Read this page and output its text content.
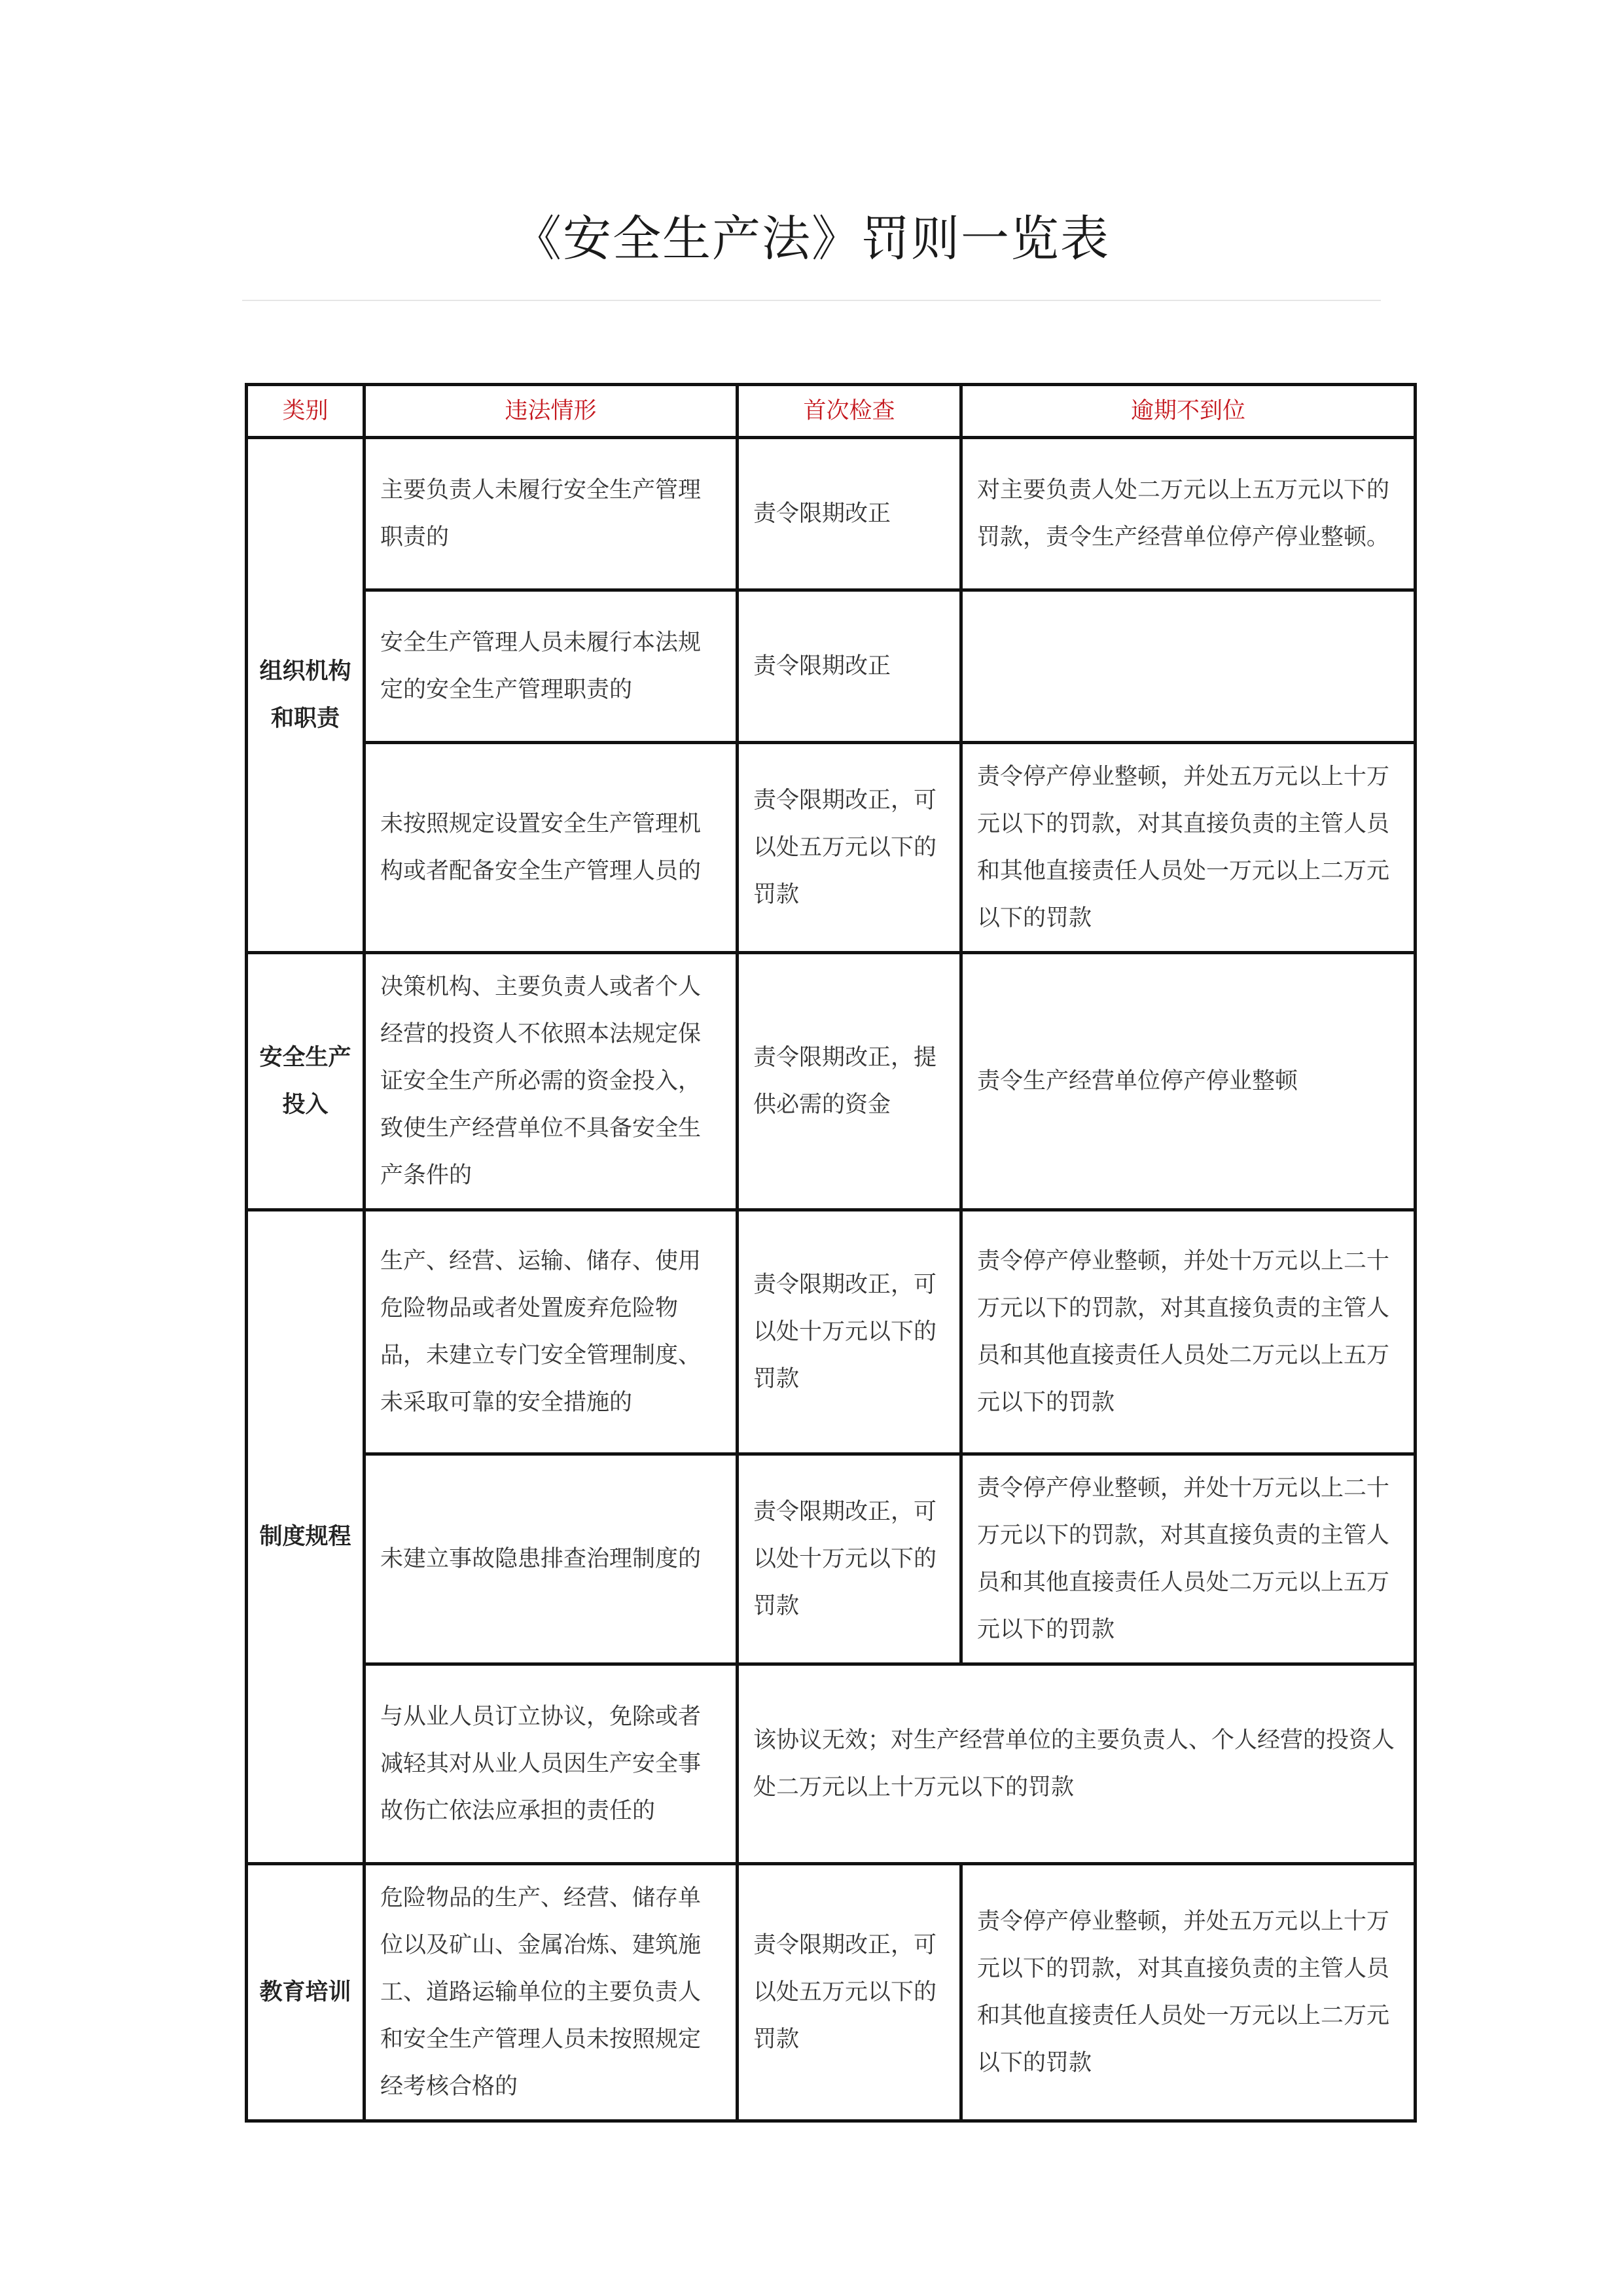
《安全生产法》罚则一览表
类别	违法情形	首次检查	逾期不到位
组织机构和职责	主要负责人未履行安全生产管理职责的	责令限期改正	对主要负责人处二万元以上五万元以下的罚款，责令生产经营单位停产停业整顿。
	安全生产管理人员未履行本法规定的安全生产管理职责的	责令限期改正	
	未按照规定设置安全生产管理机构或者配备安全生产管理人员的	责令限期改正，可以处五万元以下的罚款	责令停产停业整顿，并处五万元以上十万元以下的罚款，对其直接负责的主管人员和其他直接责任人员处一万元以上二万元以下的罚款
安全生产投入	决策机构、主要负责人或者个人经营的投资人不依照本法规定保证安全生产所必需的资金投入，致使生产经营单位不具备安全生产条件的	责令限期改正，提供必需的资金	责令生产经营单位停产停业整顿
制度规程	生产、经营、运输、储存、使用危险物品或者处置废弃危险物品，未建立专门安全管理制度、未采取可靠的安全措施的	责令限期改正，可以处十万元以下的罚款	责令停产停业整顿，并处十万元以上二十万元以下的罚款，对其直接负责的主管人员和其他直接责任人员处二万元以上五万元以下的罚款
	未建立事故隐患排查治理制度的	责令限期改正，可以处十万元以下的罚款	责令停产停业整顿，并处十万元以上二十万元以下的罚款，对其直接负责的主管人员和其他直接责任人员处二万元以上五万元以下的罚款
	与从业人员订立协议，免除或者减轻其对从业人员因生产安全事故伤亡依法应承担的责任的	该协议无效；对生产经营单位的主要负责人、个人经营的投资人处二万元以上十万元以下的罚款	
教育培训	危险物品的生产、经营、储存单位以及矿山、金属冶炼、建筑施工、道路运输单位的主要负责人和安全生产管理人员未按照规定经考核合格的	责令限期改正，可以处五万元以下的罚款	责令停产停业整顿，并处五万元以上十万元以下的罚款，对其直接负责的主管人员和其他直接责任人员处一万元以上二万元以下的罚款
